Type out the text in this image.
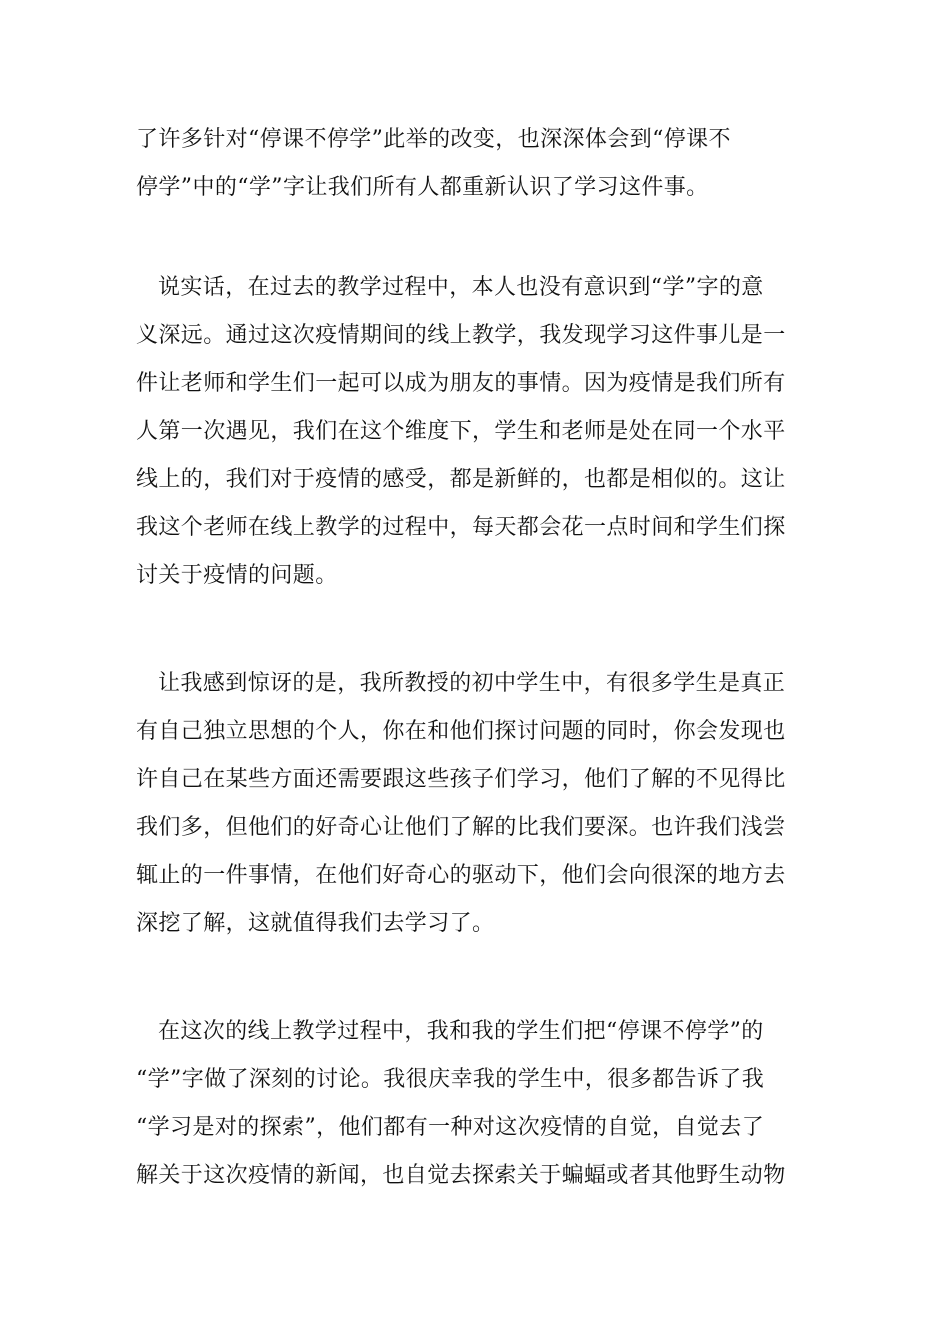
了许多针对“停课不停学”此举的改变，也深深体会到“停课不
停学”中的“学”字让我们所有人都重新认识了学习这件事。
说实话，在过去的教学过程中，本人也没有意识到“学”字的意
义深远。通过这次疫情期间的线上教学，我发现学习这件事儿是一
件让老师和学生们一起可以成为朋友的事情。因为疫情是我们所有
人第一次遇见，我们在这个维度下，学生和老师是处在同一个水平
线上的，我们对于疫情的感受，都是新鲜的，也都是相似的。这让
我这个老师在线上教学的过程中，每天都会花一点时间和学生们探
讨关于疫情的问题。
让我感到惊讶的是，我所教授的初中学生中，有很多学生是真正
有自己独立思想的个人，你在和他们探讨问题的同时，你会发现也
许自己在某些方面还需要跟这些孩子们学习，他们了解的不见得比
我们多，但他们的好奇心让他们了解的比我们要深。也许我们浅尝
辄止的一件事情，在他们好奇心的驱动下，他们会向很深的地方去
深挖了解，这就值得我们去学习了。
在这次的线上教学过程中，我和我的学生们把“停课不停学”的
“学”字做了深刻的讨论。我很庆幸我的学生中，很多都告诉了我
“学习是对的探索”，他们都有一种对这次疫情的自觉，自觉去了
解关于这次疫情的新闻，也自觉去探索关于蝙蝠或者其他野生动物
